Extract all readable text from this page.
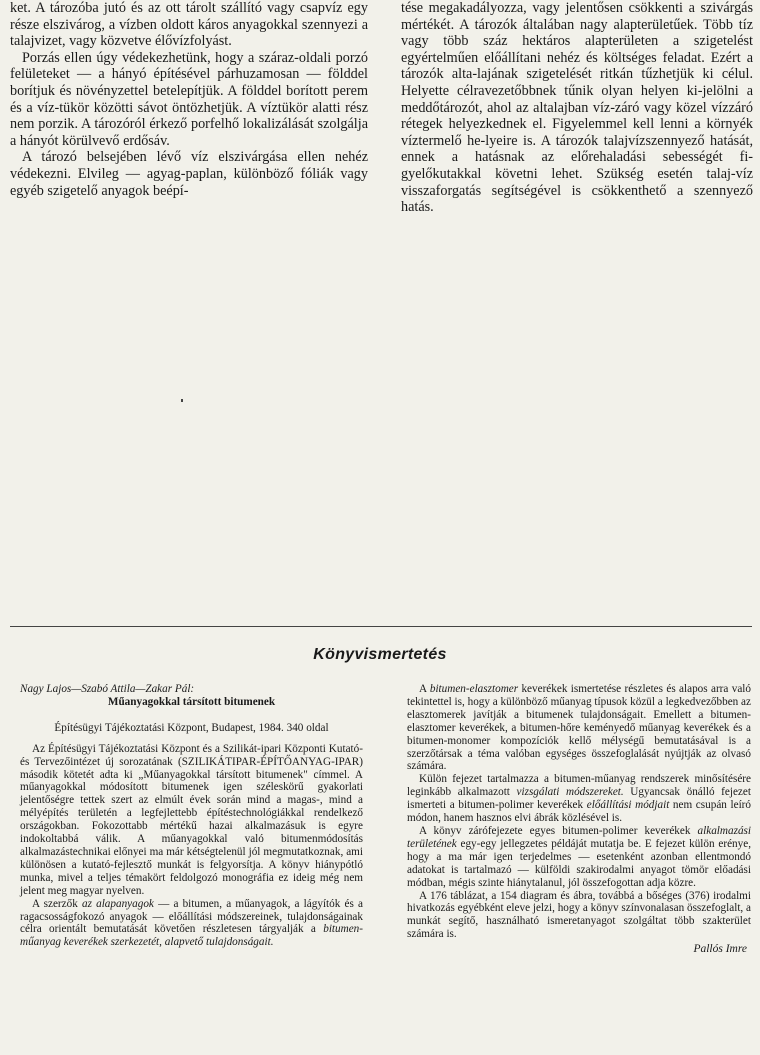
ket. A tározóba jutó és az ott tárolt szállító vagy csapvíz egy része elszivárog, a vízben oldott káros anyagokkal szennyezi a talajvizet, vagy közvetve élővízfolyást.

Porzás ellen úgy védekezhetünk, hogy a száraz-oldali porzó felületeket — a hányó építésével párhuzamosan — földdel borítjuk és növényzettel betelepítjük. A földdel borított perem és a víz-tükör közötti sávot öntözhetjük. A víztükör alatti rész nem porzik. A tározóról érkező porfelhő lokalizálását szolgálja a hányót körülvevő erdősáv.

A tározó belsejében lévő víz elszivárgása ellen nehéz védekezni. Elvileg — agyag-paplan, különböző fóliák vagy egyéb szigetelő anyagok beépí-

tése megakadályozza, vagy jelentősen csökkenti a szivárgás mértékét. A tározók általában nagy alapterületűek. Több tíz vagy több száz hektáros alapterületen a szigetelést egyértelműen előállítani nehéz és költséges feladat. Ezért a tározók alta-lajának szigetelését ritkán tűzhetjük ki célul. Helyette célravezetőbbnek tűnik olyan helyen ki-jelölni a meddőtározót, ahol az altalajban víz-záró vagy közel vízzáró rétegek helyezkednek el. Figyelemmel kell lenni a környék víztermelő he-lyeire is. A tározók talajvízszennyező hatását, ennek a hatásnak az előrehaladási sebességét fi-gyelőkutakkal követni lehet. Szükség esetén talaj-víz visszaforgatás segítségével is csökkenthető a szennyező hatás.

Könyvismertetés

Nagy Lajos—Szabó Attila—Zakar Pál:

Műanyagokkal társított bitumenek

Építésügyi Tájékoztatási Központ, Budapest, 1984. 340 oldal

Az Építésügyi Tájékoztatási Központ és a Szilikát-ipari Központi Kutató- és Tervezőintézet új sorozatának (SZILIKÁTIPAR-ÉPÍTŐANYAG-IPAR) második kötetét adta ki „Műanyagokkal társított bitumenek" címmel. A műanyagokkal módosított bitumenek igen széleskörű gyakorlati jelentőségre tettek szert az elmúlt évek során mind a magas-, mind a mélyépítés területén a legfejlettebb építéstechnológiákkal rendelkező országokban. Fokozottabb mértékű hazai alkalmazásuk is egyre indokoltabbá válik. A műanyagokkal való bitumenmódosítás alkalmazástechnikai előnyei ma már kétségtelenül jól megmutatkoznak, ami különösen a kutató-fejlesztő munkát is felgyorsítja. A könyv hiánypótló munka, mivel a teljes témakört feldolgozó monográfia ez ideig még nem jelent meg magyar nyelven.

A szerzők az alapanyagok — a bitumen, a műanyagok, a lágyítók és a ragacsosságfokozó anyagok — előállítási módszereinek, tulajdonságainak célra orientált bemutatását követően részletesen tárgyalják a bitumen-műanyag keverékek szerkezetét, alapvető tulajdonságait.

A bitumen-elasztomer keverékek ismertetése részletes és alapos arra való tekintettel is, hogy a különböző műanyag típusok közül a legkedvezőbben az elasztomerek javítják a bitumenek tulajdonságait. Emellett a bitumen-elasztomer keverékek, a bitumen-hőre keményedő műanyag keverékek és a bitumen-monomer kompozíciók kellő mélységű bemutatásával is a szerzőtársak a téma valóban egységes összefoglalását nyújtják az olvasó számára.

Külön fejezet tartalmazza a bitumen-műanyag rendszerek minősítésére leginkább alkalmazott vizsgálati módszereket. Ugyancsak önálló fejezet ismerteti a bitumen-polimer keverékek előállítási módjait nem csupán leíró módon, hanem hasznos elvi ábrák közlésével is.

A könyv zárófejezete egyes bitumen-polimer keverékek alkalmazási területének egy-egy jellegzetes példáját mutatja be. E fejezet külön erénye, hogy a ma már igen terjedelmes — esetenként azonban ellentmondó adatokat is tartalmazó — külföldi szakirodalmi anyagot tömör előadási módban, mégis szinte hiánytalanul, jól összefogottan adja közre.

A 176 táblázat, a 154 diagram és ábra, továbbá a bőséges (376) irodalmi hivatkozás egyébként eleve jelzi, hogy a könyv színvonalasan összefoglalt, a munkát segítő, használható ismeretanyagot szolgáltat több szakterület számára is.

Pallós Imre
